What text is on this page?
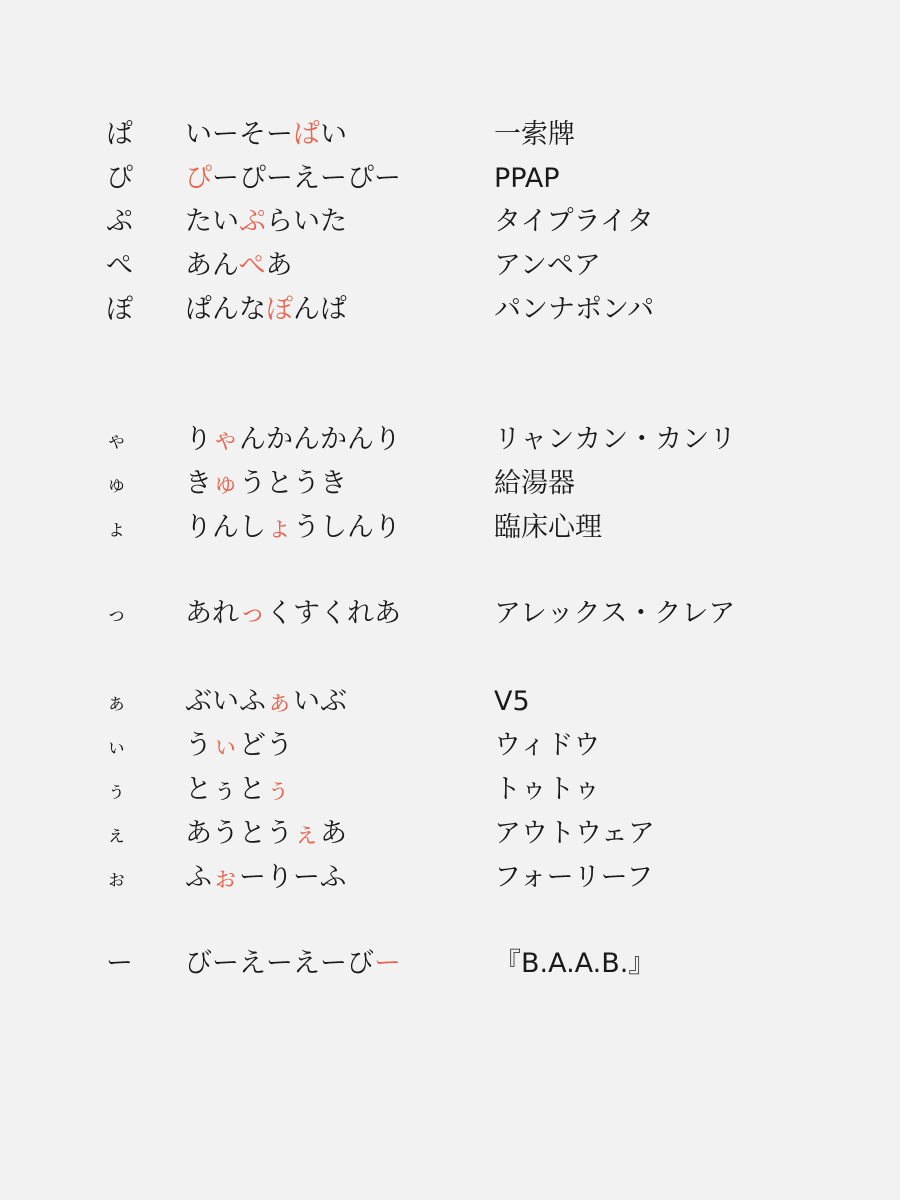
ぱ	いーそーぱい	一索牌
ぴ	ぴーぴーえーぴー	PPAP
ぷ	たいぷらいた	タイプライタ
ぺ	あんぺあ	アンペア
ぽ	ぱんなぽんぱ	パンナポンパ
ゃ	りゃんかんかんり	リャンカン・カンリ
ゅ	きゅうとうき	給湯器
ょ	りんしょうしんり	臨床心理
っ	あれっくすくれあ	アレックス・クレア
ぁ	ぶいふぁいぶ	V5
ぃ	うぃどう	ウィドウ
ぅ	とぅとぅ	トゥトゥ
ぇ	あうとうぇあ	アウトウェア
ぉ	ふぉーりーふ	フォーリーフ
ー	びーえーえーびー	『B.A.A.B.』
